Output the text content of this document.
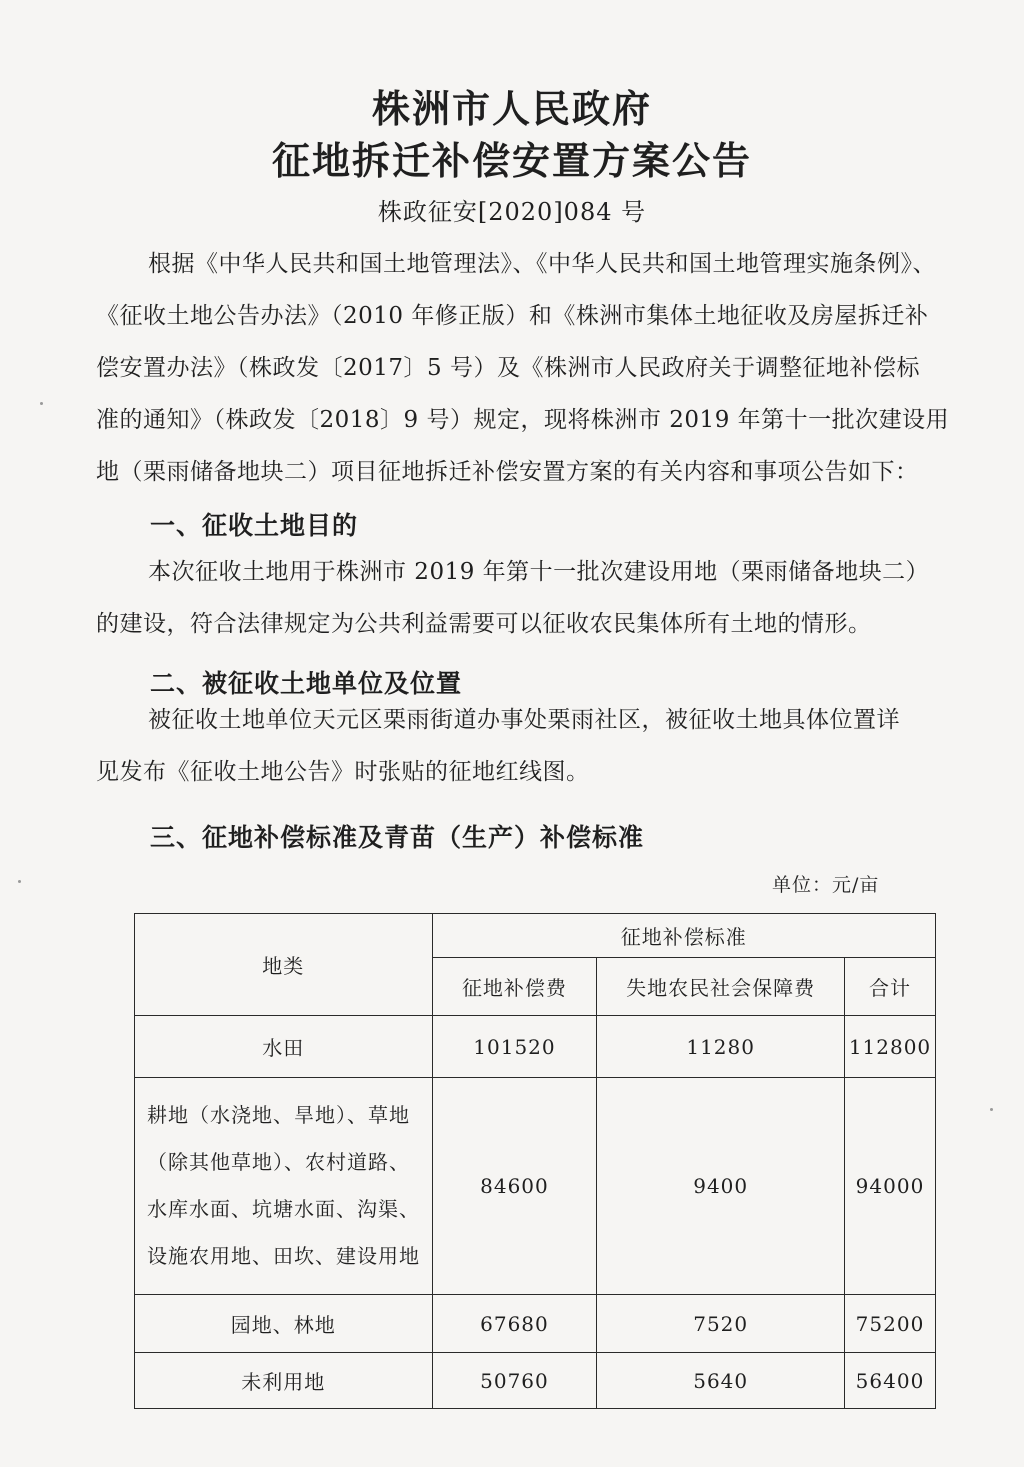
株洲市人民政府
征地拆迁补偿安置方案公告
株政征安[2020]084 号
根据《中华人民共和国土地管理法》、《中华人民共和国土地管理实施条例》、
《征收土地公告办法》（2010 年修正版）和《株洲市集体土地征收及房屋拆迁补
偿安置办法》（株政发〔2017〕5 号）及《株洲市人民政府关于调整征地补偿标
准的通知》（株政发〔2018〕9 号）规定，现将株洲市 2019 年第十一批次建设用
地（栗雨储备地块二）项目征地拆迁补偿安置方案的有关内容和事项公告如下：
一、征收土地目的
本次征收土地用于株洲市 2019 年第十一批次建设用地（栗雨储备地块二）
的建设，符合法律规定为公共利益需要可以征收农民集体所有土地的情形。
二、被征收土地单位及位置
被征收土地单位天元区栗雨街道办事处栗雨社区，被征收土地具体位置详
见发布《征收土地公告》时张贴的征地红线图。
三、征地补偿标准及青苗（生产）补偿标准
单位：元/亩
地类	征地补偿标准		
	征地补偿费	失地农民社会保障费	合计
水田	101520	11280	112800
耕地（水浇地、旱地）、草地（除其他草地）、农村道路、水库水面、坑塘水面、沟渠、设施农用地、田坎、建设用地	84600	9400	94000
园地、林地	67680	7520	75200
未利用地	50760	5640	56400
